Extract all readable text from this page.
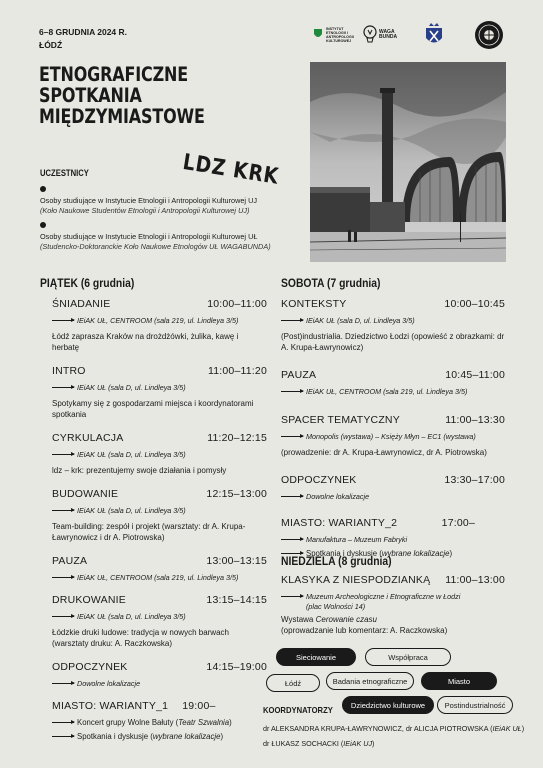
6–8 GRUDNIA 2024 R.
ŁÓDŹ
ETNOGRAFICZNE
SPOTKANIA
MIĘDZYMIASTOWE
LDZ KRK
INSTYTUT ETNOLOGII I ANTROPOLOGII KULTUROWEJ
WAGA BUNDA
UCZESTNICY
Osoby studiujące w Instytucie Etnologii i Antropologii Kulturowej UJ
(Koło Naukowe Studentów Etnologii i Antropologii Kulturowej UJ)
Osoby studiujące w Instytucie Etnologii i Antropologii Kulturowej UŁ
(Studencko-Doktoranckie Koło Naukowe Etnologów UŁ WAGABUNDA)
PIĄTEK (6 grudnia)
ŚNIADANIE	10:00–11:00
IEiAK UŁ, CENTROOM (sala 219, ul. Lindleya 3/5)
Łódź zaprasza Kraków na drożdżówki, żulika, kawę i herbatę
INTRO	11:00–11:20
IEiAK UŁ (sala D, ul. Lindleya 3/5)
Spotykamy się z gospodarzami miejsca i koordynatorami spotkania
CYRKULACJA	11:20–12:15
IEiAK UŁ (sala D, ul. Lindleya 3/5)
ldz – krk: prezentujemy swoje działania i pomysły
BUDOWANIE	12:15–13:00
IEiAK UŁ (sala D, ul. Lindleya 3/5)
Team-building: zespół i projekt (warsztaty: dr A. Krupa-Ławrynowicz i dr A. Piotrowska)
PAUZA	13:00–13:15
IEiAK UŁ, CENTROOM (sala 219, ul. Lindleya 3/5)
DRUKOWANIE	13:15–14:15
IEiAK UŁ (sala D, ul. Lindleya 3/5)
Łódzkie druki ludowe: tradycja w nowych barwach (warsztaty druku: A. Raczkowska)
ODPOCZYNEK	14:15–19:00
Dowolne lokalizacje
MIASTO: WARIANTY_1 19:00–
Koncert grupy Wolne Bałuty ( Teatr Szwalnia )
Spotkania i dyskusje ( wybrane lokalizacje )
SOBOTA (7 grudnia)
KONTEKSTY	10:00–10:45
IEiAK UŁ (sala D, ul. Lindleya 3/5)
(Post)industrialia. Dziedzictwo Łodzi (opowieść z obrazkami: dr A. Krupa-Ławrynowicz)
PAUZA	10:45–11:00
IEiAK UŁ, CENTROOM (sala 219, ul. Lindleya 3/5)
SPACER TEMATYCZNY	11:00–13:30
Monopolis (wystawa) – Księży Młyn – EC1 (wystawa)
(prowadzenie: dr A. Krupa-Ławrynowicz, dr A. Piotrowska)
ODPOCZYNEK	13:30–17:00
Dowolne lokalizacje
MIASTO: WARIANTY_2	17:00–
Manufaktura – Muzeum Fabryki
Spotkania i dyskusje ( wybrane lokalizacje )
NIEDZIELA (8 grudnia)
KLASYKA Z NIESPODZIANKĄ 11:00–13:00
Muzeum Archeologiczne i Etnograficzne w Łodzi
(plac Wolności 14)
Wystawa Cerowanie czasu
(oprowadzanie lub komentarz: A. Raczkowska)
Sieciowanie	Współpraca
Łódź	Badania etnograficzne	Miasto
Dziedzictwo kulturowe	Postindustrialność
KOORDYNATORZY
dr ALEKSANDRA KRUPA-ŁAWRYNOWICZ, dr ALICJA PIOTROWSKA (IEiAK UŁ)
dr ŁUKASZ SOCHACKI (IEiAK UJ)
